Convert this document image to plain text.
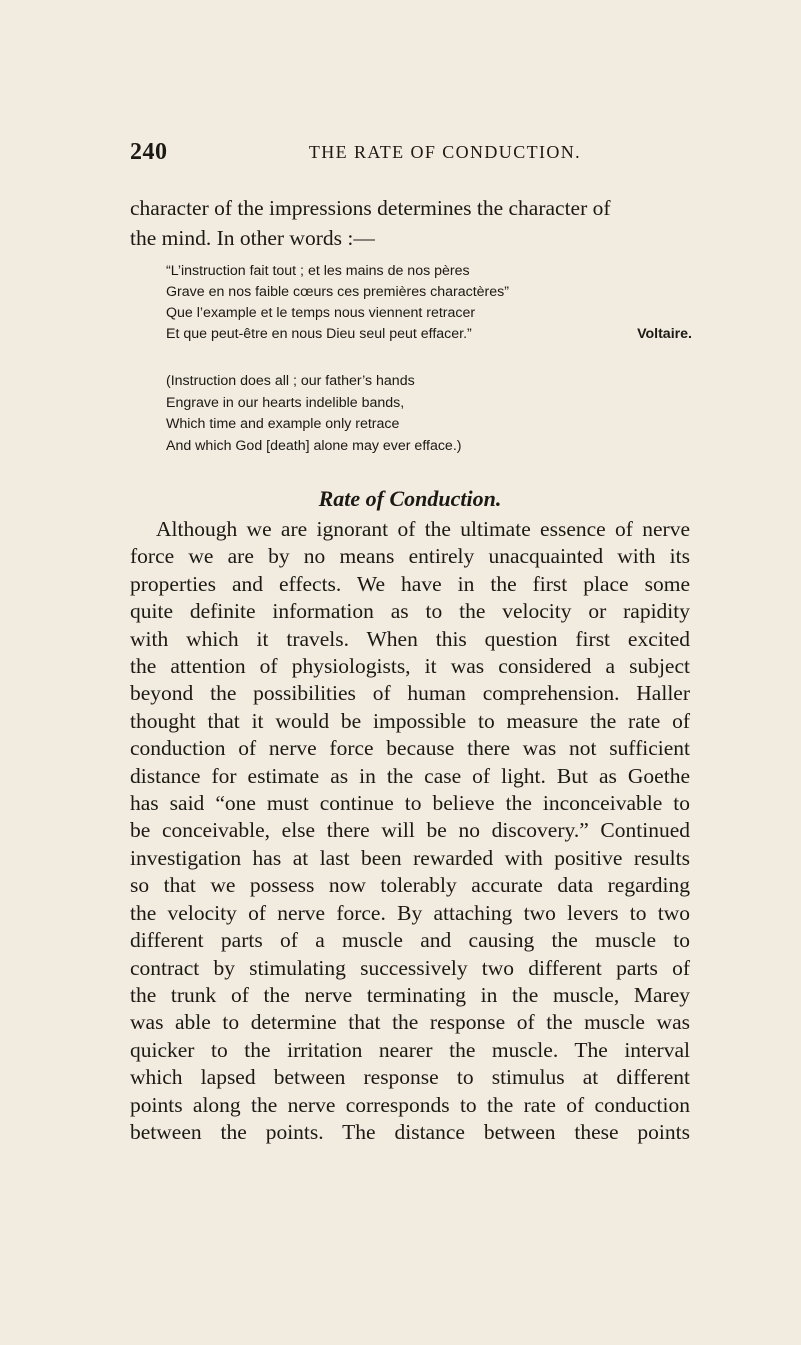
240	THE RATE OF CONDUCTION.
character of the impressions determines the character of
the mind. In other words :—
“L’instruction fait tout ; et les mains de nos pères
Grave en nos faible cœurs ces premières charactères”
Que l’example et le temps nous viennent retracer
Et que peut-être en nous Dieu seul peut effacer.”	Voltaire.
(Instruction does all ; our father’s hands
Engrave in our hearts indelible bands,
Which time and example only retrace
And which God [death] alone may ever efface.)
Rate of Conduction.
Although we are ignorant of the ultimate essence of nerve
force we are by no means entirely unacquainted with its
properties and effects. We have in the first place some
quite definite information as to the velocity or rapidity
with which it travels. When this question first excited
the attention of physiologists, it was considered a subject
beyond the possibilities of human comprehension. Haller
thought that it would be impossible to measure the rate of
conduction of nerve force because there was not sufficient
distance for estimate as in the case of light. But as Goethe
has said “one must continue to believe the inconceivable to
be conceivable, else there will be no discovery.” Continued
investigation has at last been rewarded with positive results
so that we possess now tolerably accurate data regarding
the velocity of nerve force. By attaching two levers to two
different parts of a muscle and causing the muscle to
contract by stimulating successively two different parts of
the trunk of the nerve terminating in the muscle, Marey
was able to determine that the response of the muscle was
quicker to the irritation nearer the muscle. The interval
which lapsed between response to stimulus at different
points along the nerve corresponds to the rate of conduction
between the points. The distance between these points
